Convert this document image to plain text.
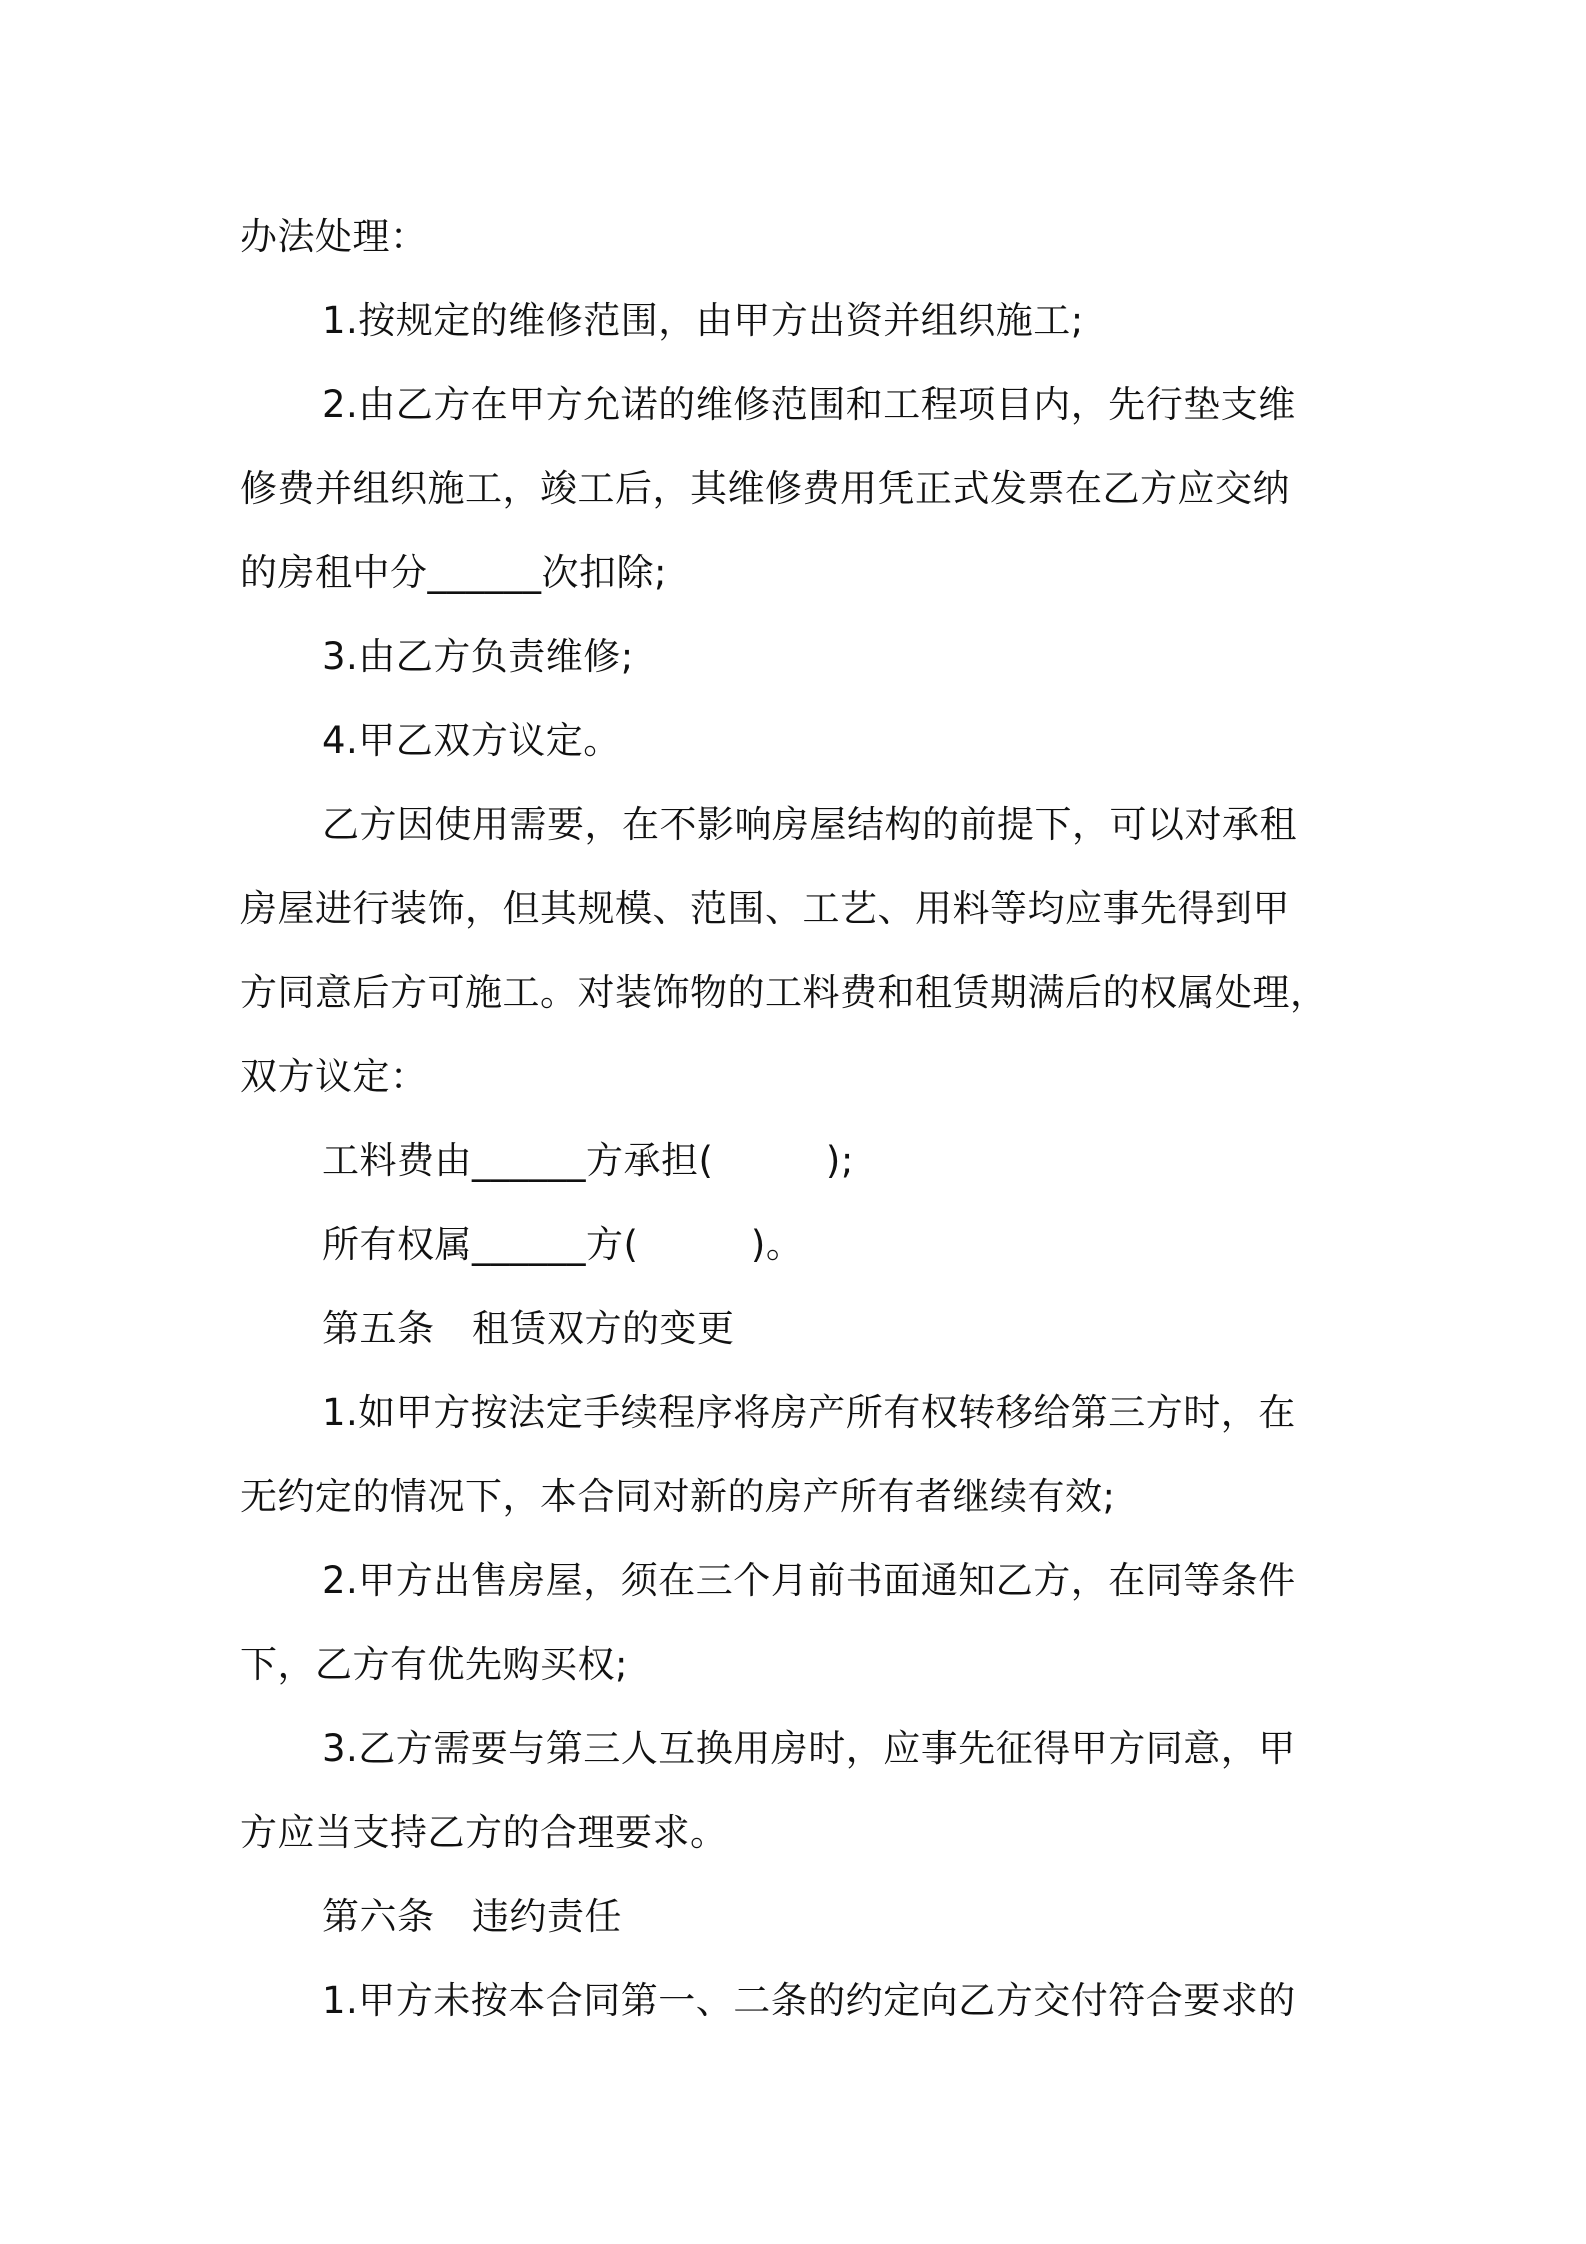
办法处理：
1.按规定的维修范围，由甲方出资并组织施工;
2.由乙方在甲方允诺的维修范围和工程项目内，先行垫支维
修费并组织施工，竣工后，其维修费用凭正式发票在乙方应交纳
的房租中分______次扣除;
3.由乙方负责维修;
4.甲乙双方议定。
乙方因使用需要，在不影响房屋结构的前提下，可以对承租
房屋进行装饰，但其规模、范围、工艺、用料等均应事先得到甲
方同意后方可施工。对装饰物的工料费和租赁期满后的权属处理，
双方议定：
工料费由______方承担(　　　);
所有权属______方(　　　)。
第五条　租赁双方的变更
1.如甲方按法定手续程序将房产所有权转移给第三方时，在
无约定的情况下，本合同对新的房产所有者继续有效;
2.甲方出售房屋，须在三个月前书面通知乙方，在同等条件
下，乙方有优先购买权;
3.乙方需要与第三人互换用房时，应事先征得甲方同意，甲
方应当支持乙方的合理要求。
第六条　违约责任
1.甲方未按本合同第一、二条的约定向乙方交付符合要求的
